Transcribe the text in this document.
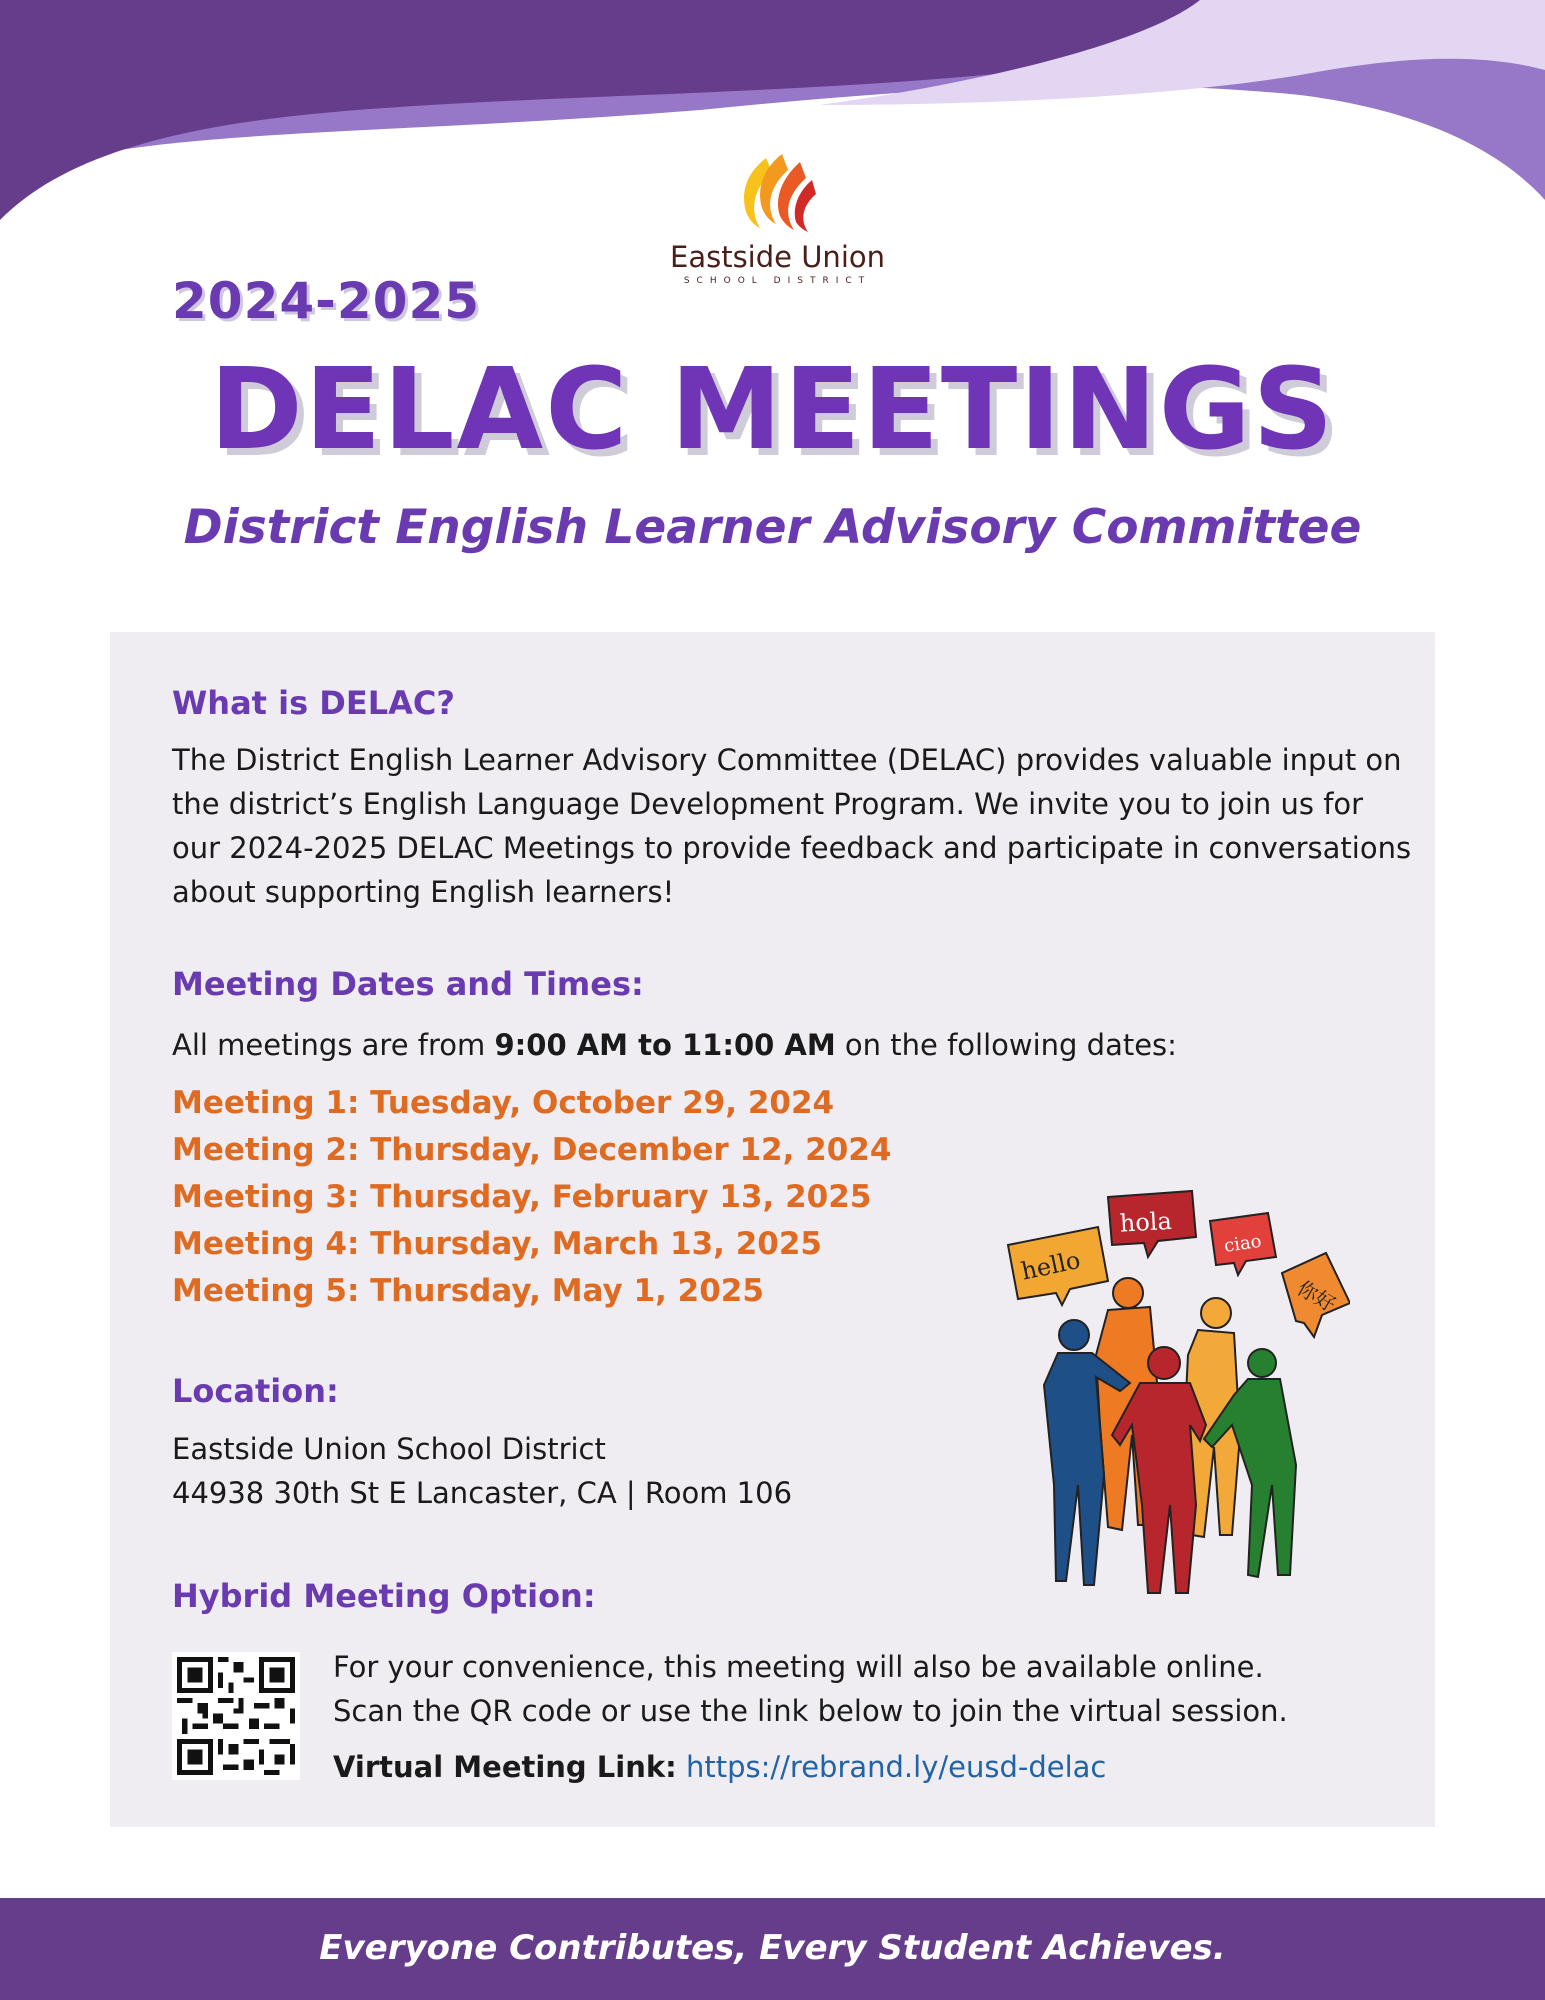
Eastside Union
SCHOOL DISTRICT
2024-2025
DELAC MEETINGS
District English Learner Advisory Committee
What is DELAC?
The District English Learner Advisory Committee (DELAC) provides valuable input on the district’s English Language Development Program. We invite you to join us for our 2024-2025 DELAC Meetings to provide feedback and participate in conversations about supporting English learners!
Meeting Dates and Times:
All meetings are from 9:00 AM to 11:00 AM on the following dates:
Meeting 1: Tuesday, October 29, 2024
Meeting 2: Thursday, December 12, 2024
Meeting 3: Thursday, February 13, 2025
Meeting 4: Thursday, March 13, 2025
Meeting 5: Thursday, May 1, 2025
Location:
Eastside Union School District
44938 30th St E Lancaster, CA | Room 106
Hybrid Meeting Option:
For your convenience, this meeting will also be available online.
Scan the QR code or use the link below to join the virtual session.
Virtual Meeting Link: https://rebrand.ly/eusd-delac
hello
hola
ciao
你好
Everyone Contributes, Every Student Achieves.
